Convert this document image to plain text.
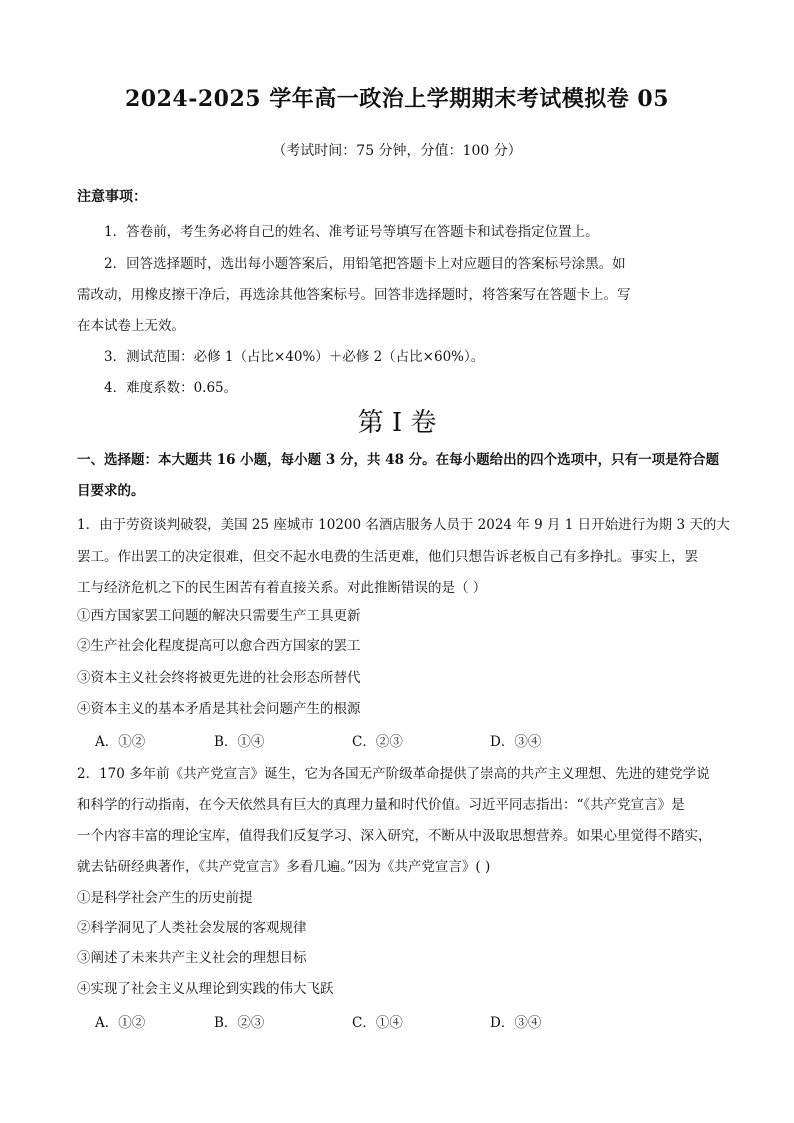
2024-2025 学年高一政治上学期期末考试模拟卷 05
（考试时间：75 分钟，分值：100 分）
注意事项：
1．答卷前，考生务必将自己的姓名、准考证号等填写在答题卡和试卷指定位置上。
2．回答选择题时，选出每小题答案后，用铅笔把答题卡上对应题目的答案标号涂黑。如
需改动，用橡皮擦干净后，再选涂其他答案标号。回答非选择题时，将答案写在答题卡上。写
在本试卷上无效。
3．测试范围：必修 1（占比×40%）＋必修 2（占比×60%）。
4．难度系数：0.65。
第 I 卷
一、选择题：本大题共 16 小题，每小题 3 分，共 48 分。在每小题给出的四个选项中，只有一项是符合题
目要求的。
1．由于劳资谈判破裂，美国 25 座城市 10200 名酒店服务人员于 2024 年 9 月 1 日开始进行为期 3 天的大
罢工。作出罢工的决定很难，但交不起水电费的生活更难，他们只想告诉老板自己有多挣扎。事实上，罢
工与经济危机之下的民生困苦有着直接关系。对此推断错误的是（ ）
①西方国家罢工问题的解决只需要生产工具更新
②生产社会化程度提高可以愈合西方国家的罢工
③资本主义社会终将被更先进的社会形态所替代
④资本主义的基本矛盾是其社会问题产生的根源
A．①②	B．①④	C．②③	D．③④
2．170 多年前《共产党宣言》诞生，它为各国无产阶级革命提供了崇高的共产主义理想、先进的建党学说
和科学的行动指南，在今天依然具有巨大的真理力量和时代价值。习近平同志指出：“《共产党宣言》是
一个内容丰富的理论宝库，值得我们反复学习、深入研究，不断从中汲取思想营养。如果心里觉得不踏实，
就去钻研经典著作，《共产党宣言》多看几遍。”因为《共产党宣言》( )
①是科学社会产生的历史前提
②科学洞见了人类社会发展的客观规律
③阐述了未来共产主义社会的理想目标
④实现了社会主义从理论到实践的伟大飞跃
A．①②	B．②③	C．①④	D．③④
